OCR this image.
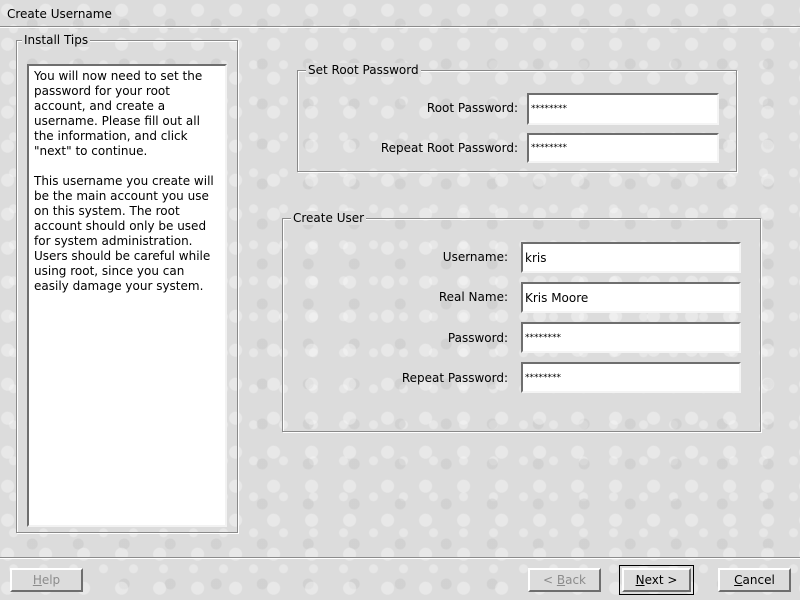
Create Username
Install Tips
You will now need to set the password for your root account, and create a username. Please fill out all the information, and click "next" to continue.

This username you create will be the main account you use on this system. The root account should only be used for system administration. Users should be careful while using root, since you can easily damage your system.
Set Root Password
Root Password:
********
Repeat Root Password:
********
Create User
Username:
kris
Real Name:
Kris Moore
Password:
********
Repeat Password:
********
Help	< Back	Next >	Cancel
